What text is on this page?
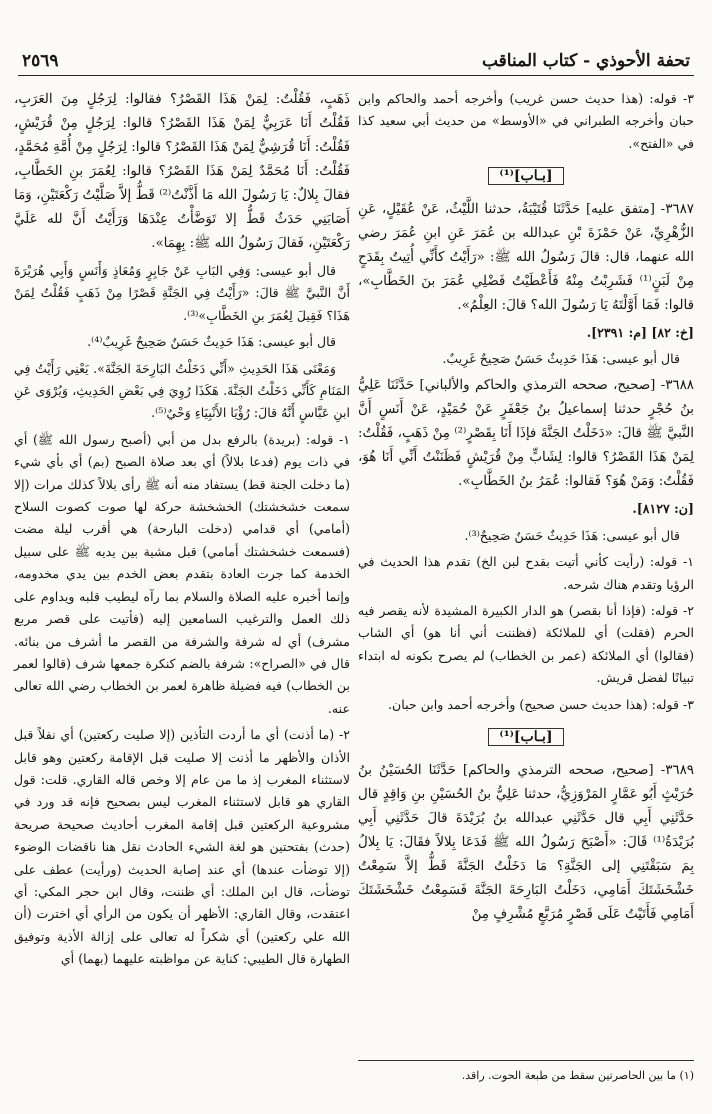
٢٥٦٩	تحفة الأحوذي - كتاب المناقب

٣- قوله: (هذا حديث حسن غريب) وأخرجه أحمد والحاكم وابن حبان وأخرجه الطبراني في «الأوسط» من حديث أبي سعيد كذا في «الفتح».

[بـاب]⁽¹⁾

٣٦٨٧- [متفق عليه] حَدَّثَنَا قُتَيْبَةُ، حدثنا اللَّيْثُ، عَنْ عُقَيْلٍ، عَنِ الزُّهْرِيِّ، عَنْ حَمْزَةَ بْنِ عبدالله بن عُمَرَ عَنِ ابنِ عُمَرَ رضي الله عنهما، قال: قالَ رَسُولُ الله ﷺ: «رَأَيْتُ كأَنِّي أُتِيتُ بِقَدَحٍ مِنْ لَبَنٍ⁽¹⁾ فَشَرِبْتُ مِنْهُ فَأَعْطَيْتُ فَضْلِي عُمَرَ بنَ الخَطَّابِ»، قالوا: فَمَا أَوَّلْتَهُ يَا رَسُولَ الله؟ قالَ: العِلْمُ».

[خ: ٨٢] [م: ٢٣٩١].

قال أبو عيسى: هَذَا حَدِيثٌ حَسَنٌ صَحِيحٌ غَرِيبٌ.

٣٦٨٨- [صحيح، صححه الترمذي والحاكم والألباني] حَدَّثَنَا عَلِيُّ بنُ حُجْرٍ حدثنا إسماعيلُ بنُ جَعْفَرٍ عَنْ حُمَيْدٍ، عَنْ أَنَسٍ أَنَّ النَّبيَّ ﷺ قالَ: «دَخَلْتُ الجَنَّةَ فإذَا أَنَا بِقَصْرٍ⁽²⁾ مِنْ ذَهَبٍ، فَقُلْتُ: لِمَنْ هَذَا القَصْرُ؟ قالوا: لِشَابٍّ مِنْ قُرَيْشٍ فَظَنَنْتُ أَنِّي أَنَا هُوَ، فَقُلْتُ: وَمَنْ هُوَ؟ فَقالوا: عُمَرُ بنُ الخَطَّابِ».

[ن: ٨١٢٧].

قال أبو عيسى: هَذَا حَدِيثٌ حَسَنٌ صَحِيحٌ⁽³⁾.

١- قوله: (رأيت كأني أتيت بقدح لبن الخ) تقدم هذا الحديث في الرؤيا وتقدم هناك شرحه.

٢- قوله: (فإذا أنا بقصر) هو الدار الكبيرة المشيدة لأنه يقصر فيه الحرم (فقلت) أي للملائكة (فظننت أني أنا هو) أي الشاب (فقالوا) أي الملائكة (عمر بن الخطاب) لم يصرح بكونه له ابتداء تبيانًا لفضل قريش.

٣- قوله: (هذا حديث حسن صحيح) وأخرجه أحمد وابن حبان.

[بـاب]⁽¹⁾

٣٦٨٩- [صحيح، صححه الترمذي والحاكم] حَدَّثَنَا الحُسَيْنُ بنُ حُرَيْثٍ أَبُو عَمَّارٍ المَرْوَزِيُّ، حدثنا عَلِيُّ بنُ الحُسَيْنِ بنِ وَاقِدٍ قال حَدَّثَنِي أَبِي قال حَدَّثَنِي عبدالله بنُ بُرَيْدَةَ قالَ حَدَّثَنِي أَبِي بُرَيْدَةُ⁽¹⁾ قَالَ: «أَصْبَحَ رَسُولُ الله ﷺ فَدَعَا بِلالاً فقَالَ: يَا بِلالُ بِمَ سَبَقْتَنِي إلى الجَنَّةِ؟ مَا دَخَلْتُ الجَنَّةَ قَطُّ إلاَّ سَمِعْتُ خَشْخَشَتَكَ أَمَامِي، دَخَلْتُ البَارِحَةَ الجَنَّةَ فَسَمِعْتُ خَشْخَشَتَكَ أَمَامِي فَأَتَيْتُ عَلَى قَصْرٍ مُرَبَّعٍ مُشْرِفٍ مِنْ

ذَهَبٍ، فَقُلْتُ: لِمَنْ هَذَا القَصْرُ؟ فقالوا: لِرَجُلٍ مِنَ العَرَبِ، فَقُلْتُ أَنَا عَرَبِيٌّ لِمَنْ هَذَا القَصْرُ؟ قالوا: لِرَجُلٍ مِنْ قُرَيْشٍ، فَقُلْتُ: أَنَا قُرَشِيٌّ لِمَنْ هَذَا القَصْرُ؟ قالوا: لِرَجُلٍ مِنْ أُمَّةِ مُحَمَّدٍ، فَقُلْتُ: أَنَا مُحَمَّدٌ لِمَنْ هَذَا القَصْرُ؟ قالوا: لِعُمَرَ بنِ الخَطَّابِ، فقالَ بِلالٌ: يَا رَسُولَ الله مَا أَذَّنْتُ⁽²⁾ قَطُّ إلاَّ صَلَّيْتُ رَكْعَتَيْنِ، وَمَا أَصَابَنِي حَدَثٌ قَطُّ إلا تَوَضَّأْتُ عِنْدَهَا وَرَأَيْتُ أَنَّ لله عَلَيَّ رَكْعَتَيْنِ، فَقالَ رَسُولُ الله ﷺ: بِهِمَا».

قال أبو عيسى: وَفِي البَابِ عَنْ جَابِرٍ وَمُعَاذٍ وَأَنَسٍ وَأَبِي هُرَيْرَةَ أَنَّ النَّبيَّ ﷺ قالَ: «رَأَيْتُ فِي الجَنَّةِ قَصْرًا مِنْ ذَهَبٍ فَقُلْتُ لِمَنْ هَذَا؟ فَقِيلَ لِعُمَرَ بنِ الخَطَّابِ»⁽³⁾.

قال أبو عيسى: هَذَا حَدِيثٌ حَسَنٌ صَحِيحٌ غَرِيبٌ⁽⁴⁾.

وَمَعْنَى هَذَا الحَدِيثِ «أَنِّي دَخَلْتُ البَارِحَةَ الجَنَّةَ». يَعْنِي رَأَيْتُ فِي المَنَامِ كَأَنِّي دَخَلْتُ الجَنَّةَ. هَكَذَا رُوِيَ فِي بَعْضِ الحَدِيثِ، وَيُرْوَى عَنِ ابنِ عَبَّاسٍ أَنَّهُ قالَ: رُؤْيَا الأَنْبِيَاءِ وَحْيٌ⁽⁵⁾.

١- قوله: (بريدة) بالرفع بدل من أبي (أصبح رسول الله ﷺ) أي في ذات يوم (فدعا بلالاً) أي بعد صلاة الصبح (بم) أي بأي شيء (ما دخلت الجنة قط) يستفاد منه أنه ﷺ رأى بلالاً كذلك مرات (إلا سمعت خشخشتك) الخشخشة حركة لها صوت كصوت السلاح (أمامي) أي قدامي (دخلت البارحة) هي أقرب ليلة مضت (فسمعت خشخشتك أمامي) قبل مشية بين يديه ﷺ على سبيل الخدمة كما جرت العادة بتقدم بعض الخدم بين يدي مخدومه، وإنما أخبره عليه الصلاة والسلام بما رآه ليطيب قلبه ويداوم على ذلك العمل والترغيب السامعين إليه (فأتيت على قصر مربع مشرف) أي له شرفة والشرفة من القصر ما أشرف من بنائه. قال في «الصراح»: شرفة بالضم كنكرة جمعها شرف (قالوا لعمر بن الخطاب) فيه فضيلة ظاهرة لعمر بن الخطاب رضي الله تعالى عنه.

٢- (ما أذنت) أي ما أردت التأذين (إلا صليت ركعتين) أي نفلاً قبل الأذان والأظهر ما أذنت إلا صليت قبل الإقامة ركعتين وهو قابل لاستثناء المغرب إذ ما من عام إلا وخص قاله القاري. قلت: قول القاري هو قابل لاستثناء المغرب ليس بصحيح فإنه قد ورد في مشروعية الركعتين قبل إقامة المغرب أحاديث صحيحة صريحة (حدث) بفتحتين هو لغة الشيء الحادث نقل هنا ناقضات الوضوء (إلا توضأت عندها) أي عند إصابة الحديث (ورأيت) عطف على توضأت، قال ابن الملك: أي ظننت، وقال ابن حجر المكي: أي اعتقدت، وقال القاري: الأظهر أن يكون من الرأي أي اخترت (أن الله علي ركعتين) أي شكراً له تعالى على إزالة الأذية وتوفيق الطهارة قال الطيبي: كناية عن مواظبته عليهما (بهما) أي

(١) ما بين الحاصرتين سقط من طبعة الحوت. راقد.
